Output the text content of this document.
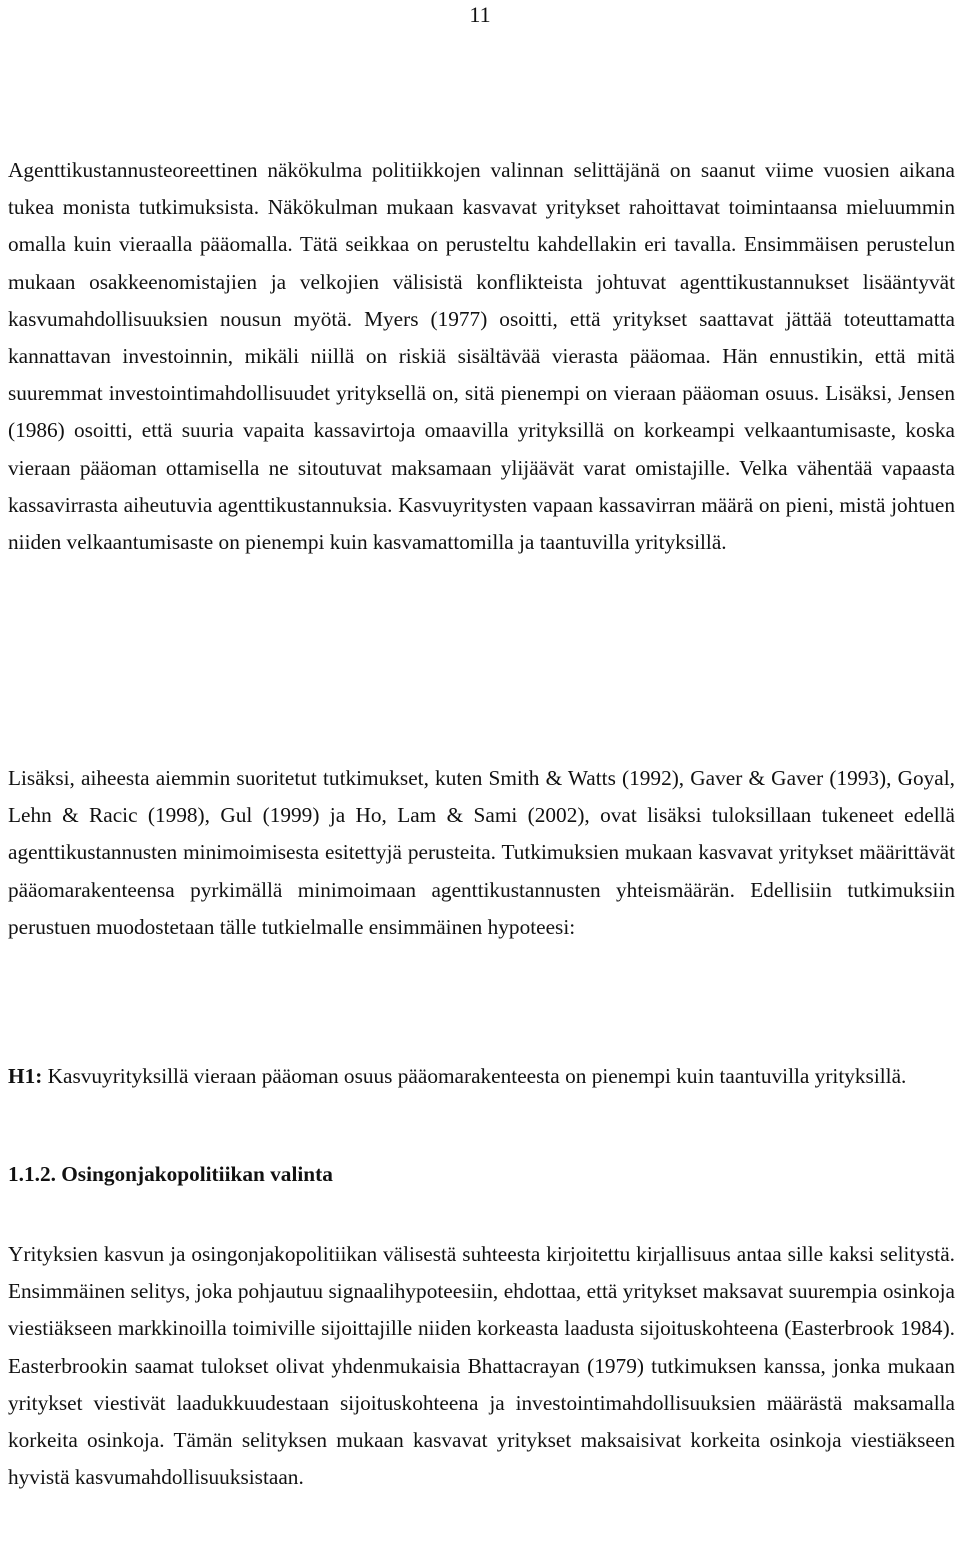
11

Agenttikustannusteoreettinen näkökulma politiikkojen valinnan selittäjänä on saanut viime vuosien aikana tukea monista tutkimuksista. Näkökulman mukaan kasvavat yritykset rahoittavat toimintaansa mieluummin omalla kuin vieraalla pääomalla. Tätä seikkaa on perusteltu kahdellakin eri tavalla. Ensimmäisen perustelun mukaan osakkeenomistajien ja velkojien välisistä konflikteista johtuvat agenttikustannukset lisääntyvät kasvumahdollisuuksien nousun myötä. Myers (1977) osoitti, että yritykset saattavat jättää toteuttamatta kannattavan investoinnin, mikäli niillä on riskiä sisältävää vierasta pääomaa. Hän ennustikin, että mitä suuremmat investointimahdollisuudet yrityksellä on, sitä pienempi on vieraan pääoman osuus. Lisäksi, Jensen (1986) osoitti, että suuria vapaita kassavirtoja omaavilla yrityksillä on korkeampi velkaantumisaste, koska vieraan pääoman ottamisella ne sitoutuvat maksamaan ylijäävät varat omistajille. Velka vähentää vapaasta kassavirrasta aiheutuvia agenttikustannuksia. Kasvuyritysten vapaan kassavirran määrä on pieni, mistä johtuen niiden velkaantumisaste on pienempi kuin kasvamattomilla ja taantuvilla yrityksillä.

Lisäksi, aiheesta aiemmin suoritetut tutkimukset, kuten Smith & Watts (1992), Gaver & Gaver (1993), Goyal, Lehn & Racic (1998), Gul (1999) ja Ho, Lam & Sami (2002), ovat lisäksi tuloksillaan tukeneet edellä agenttikustannusten minimoimisesta esitettyjä perusteita. Tutkimuksien mukaan kasvavat yritykset määrittävät pääomarakenteensa pyrkimällä minimoimaan agenttikustannusten yhteismäärän. Edellisiin tutkimuksiin perustuen muodostetaan tälle tutkielmalle ensimmäinen hypoteesi:

H1: Kasvuyrityksillä vieraan pääoman osuus pääomarakenteesta on pienempi kuin taantuvilla yrityksillä.

1.1.2. Osingonjakopolitiikan valinta

Yrityksien kasvun ja osingonjakopolitiikan välisestä suhteesta kirjoitettu kirjallisuus antaa sille kaksi selitystä. Ensimmäinen selitys, joka pohjautuu signaalihypoteesiin, ehdottaa, että yritykset maksavat suurempia osinkoja viestiäkseen markkinoilla toimiville sijoittajille niiden korkeasta laadusta sijoituskohteena (Easterbrook 1984). Easterbrookin saamat tulokset olivat yhdenmukaisia Bhattacrayan (1979) tutkimuksen kanssa, jonka mukaan yritykset viestivät laadukkuudestaan sijoituskohteena ja investointimahdollisuuksien määrästä maksamalla korkeita osinkoja. Tämän selityksen mukaan kasvavat yritykset maksaisivat korkeita osinkoja viestiäkseen hyvistä kasvumahdollisuuksistaan.
